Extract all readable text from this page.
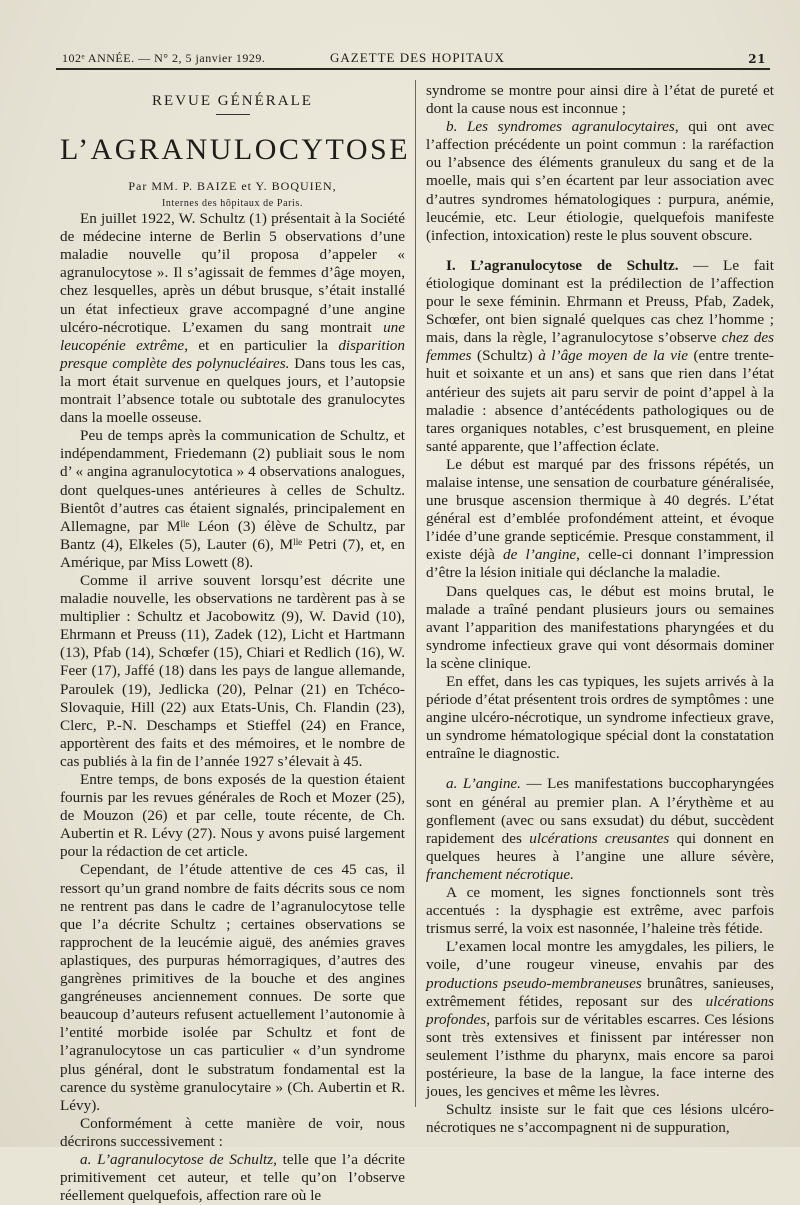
102ᵉ ANNÉE. — N° 2, 5 janvier 1929.	GAZETTE DES HOPITAUX	21
REVUE GÉNÉRALE
L’AGRANULOCYTOSE
Par MM. P. BAIZE et Y. BOQUIEN,
Internes des hôpitaux de Paris.

En juillet 1922, W. Schultz (1) présentait à la Société de médecine interne de Berlin 5 observations d’une maladie nouvelle qu’il proposa d’appeler « agranulocytose ». Il s’agissait de femmes d’âge moyen, chez lesquelles, après un début brusque, s’était installé un état infectieux grave accompagné d’une angine ulcéro-nécrotique. L’examen du sang montrait une leucopénie extrême, et en particulier la disparition presque complète des polynucléaires. Dans tous les cas, la mort était survenue en quelques jours, et l’autopsie montrait l’absence totale ou subtotale des granulocytes dans la moelle osseuse.

Peu de temps après la communication de Schultz, et indépendamment, Friedemann (2) publiait sous le nom d’ « angina agranulocytotica » 4 observations analogues, dont quelques-unes antérieures à celles de Schultz. Bientôt d’autres cas étaient signalés, principalement en Allemagne, par Mˡˡᵉ Léon (3) élève de Schultz, par Bantz (4), Elkeles (5), Lauter (6), Mˡˡᵉ Petri (7), et, en Amérique, par Miss Lowett (8).

Comme il arrive souvent lorsqu’est décrite une maladie nouvelle, les observations ne tardèrent pas à se multiplier : Schultz et Jacobowitz (9), W. David (10), Ehrmann et Preuss (11), Zadek (12), Licht et Hartmann (13), Pfab (14), Schœfer (15), Chiari et Redlich (16), W. Feer (17), Jaffé (18) dans les pays de langue allemande, Paroulek (19), Jedlicka (20), Pelnar (21) en Tchéco-Slovaquie, Hill (22) aux Etats-Unis, Ch. Flandin (23), Clerc, P.-N. Deschamps et Stieffel (24) en France, apportèrent des faits et des mémoires, et le nombre de cas publiés à la fin de l’année 1927 s’élevait à 45.

Entre temps, de bons exposés de la question étaient fournis par les revues générales de Roch et Mozer (25), de Mouzon (26) et par celle, toute récente, de Ch. Aubertin et R. Lévy (27). Nous y avons puisé largement pour la rédaction de cet article.

Cependant, de l’étude attentive de ces 45 cas, il ressort qu’un grand nombre de faits décrits sous ce nom ne rentrent pas dans le cadre de l’agranulocytose telle que l’a décrite Schultz ; certaines observations se rapprochent de la leucémie aiguë, des anémies graves aplastiques, des purpuras hémorragiques, d’autres des gangrènes primitives de la bouche et des angines gangréneuses anciennement connues. De sorte que beaucoup d’auteurs refusent actuellement l’autonomie à l’entité morbide isolée par Schultz et font de l’agranulocytose un cas particulier « d’un syndrome plus général, dont le substratum fondamental est la carence du système granulocytaire » (Ch. Aubertin et R. Lévy).

Conformément à cette manière de voir, nous décrirons successivement :

a. L’agranulocytose de Schultz, telle que l’a décrite primitivement cet auteur, et telle qu’on l’observe réellement quelquefois, affection rare où le

syndrome se montre pour ainsi dire à l’état de pureté et dont la cause nous est inconnue ;

b. Les syndromes agranulocytaires, qui ont avec l’affection précédente un point commun : la raréfaction ou l’absence des éléments granuleux du sang et de la moelle, mais qui s’en écartent par leur association avec d’autres syndromes hématologiques : purpura, anémie, leucémie, etc. Leur étiologie, quelquefois manifeste (infection, intoxication) reste le plus souvent obscure.

I. L’agranulocytose de Schultz. — Le fait étiologique dominant est la prédilection de l’affection pour le sexe féminin. Ehrmann et Preuss, Pfab, Zadek, Schœfer, ont bien signalé quelques cas chez l’homme ; mais, dans la règle, l’agranulocytose s’observe chez des femmes (Schultz) à l’âge moyen de la vie (entre trente-huit et soixante et un ans) et sans que rien dans l’état antérieur des sujets ait paru servir de point d’appel à la maladie : absence d’antécédents pathologiques ou de tares organiques notables, c’est brusquement, en pleine santé apparente, que l’affection éclate.

Le début est marqué par des frissons répétés, un malaise intense, une sensation de courbature généralisée, une brusque ascension thermique à 40 degrés. L’état général est d’emblée profondément atteint, et évoque l’idée d’une grande septicémie. Presque constamment, il existe déjà de l’angine, celle-ci donnant l’impression d’être la lésion initiale qui déclanche la maladie.

Dans quelques cas, le début est moins brutal, le malade a traîné pendant plusieurs jours ou semaines avant l’apparition des manifestations pharyngées et du syndrome infectieux grave qui vont désormais dominer la scène clinique.

En effet, dans les cas typiques, les sujets arrivés à la période d’état présentent trois ordres de symptômes : une angine ulcéro-nécrotique, un syndrome infectieux grave, un syndrome hématologique spécial dont la constatation entraîne le diagnostic.

a. L’angine. — Les manifestations buccopharyngées sont en général au premier plan. A l’érythème et au gonflement (avec ou sans exsudat) du début, succèdent rapidement des ulcérations creusantes qui donnent en quelques heures à l’angine une allure sévère, franchement nécrotique.

A ce moment, les signes fonctionnels sont très accentués : la dysphagie est extrême, avec parfois trismus serré, la voix est nasonnée, l’haleine très fétide.

L’examen local montre les amygdales, les piliers, le voile, d’une rougeur vineuse, envahis par des productions pseudo-membraneuses brunâtres, sanieuses, extrêmement fétides, reposant sur des ulcérations profondes, parfois sur de véritables escarres. Ces lésions sont très extensives et finissent par intéresser non seulement l’isthme du pharynx, mais encore sa paroi postérieure, la base de la langue, la face interne des joues, les gencives et même les lèvres.

Schultz insiste sur le fait que ces lésions ulcéro-nécrotiques ne s’accompagnent ni de suppuration,
